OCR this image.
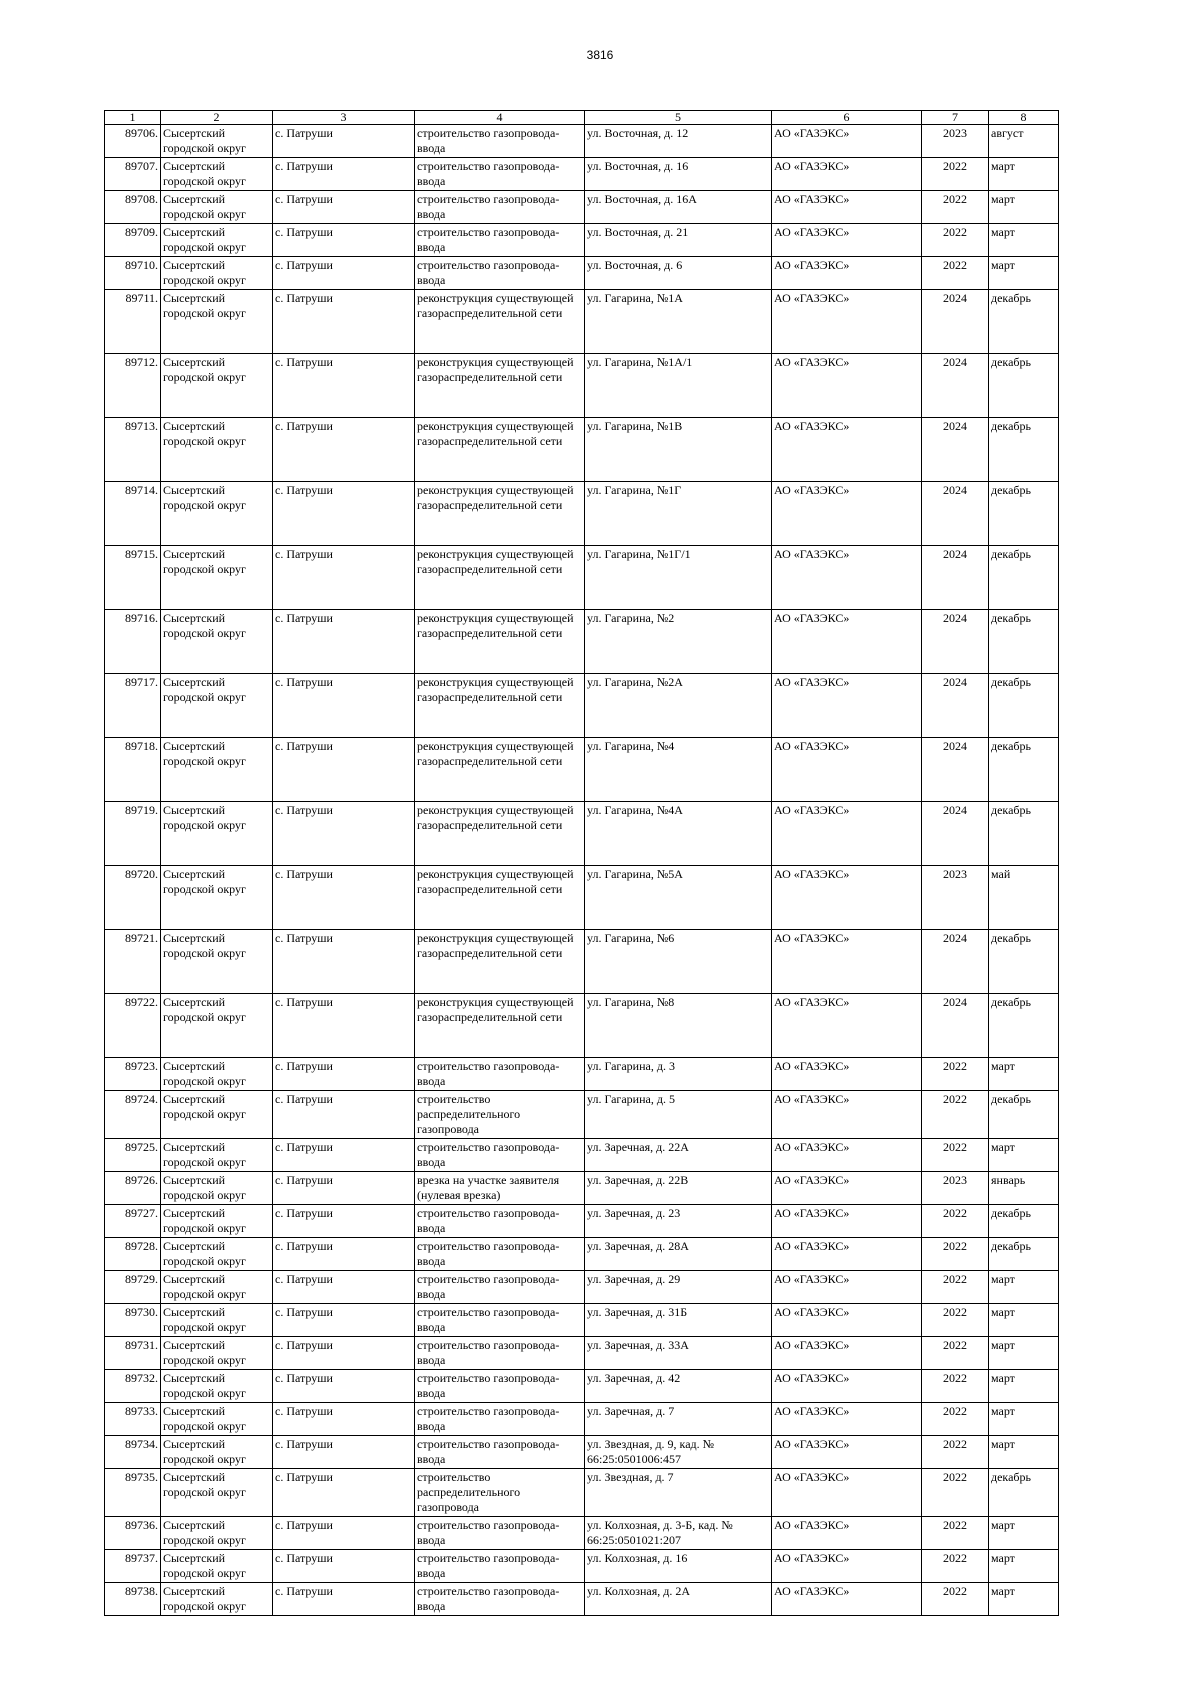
3816
1	2	3	4	5	6	7	8
89706.	Сысертский городской округ	с. Патруши	строительство газопровода-ввода	ул. Восточная, д. 12	АО «ГАЗЭКС»	2023	август
89707.	Сысертский городской округ	с. Патруши	строительство газопровода-ввода	ул. Восточная, д. 16	АО «ГАЗЭКС»	2022	март
89708.	Сысертский городской округ	с. Патруши	строительство газопровода-ввода	ул. Восточная, д. 16А	АО «ГАЗЭКС»	2022	март
89709.	Сысертский городской округ	с. Патруши	строительство газопровода-ввода	ул. Восточная, д. 21	АО «ГАЗЭКС»	2022	март
89710.	Сысертский городской округ	с. Патруши	строительство газопровода-ввода	ул. Восточная, д. 6	АО «ГАЗЭКС»	2022	март
89711.	Сысертский городской округ	с. Патруши	реконструкция существующей газораспределительной сети	ул. Гагарина, №1А	АО «ГАЗЭКС»	2024	декабрь
89712.	Сысертский городской округ	с. Патруши	реконструкция существующей газораспределительной сети	ул. Гагарина, №1А/1	АО «ГАЗЭКС»	2024	декабрь
89713.	Сысертский городской округ	с. Патруши	реконструкция существующей газораспределительной сети	ул. Гагарина, №1В	АО «ГАЗЭКС»	2024	декабрь
89714.	Сысертский городской округ	с. Патруши	реконструкция существующей газораспределительной сети	ул. Гагарина, №1Г	АО «ГАЗЭКС»	2024	декабрь
89715.	Сысертский городской округ	с. Патруши	реконструкция существующей газораспределительной сети	ул. Гагарина, №1Г/1	АО «ГАЗЭКС»	2024	декабрь
89716.	Сысертский городской округ	с. Патруши	реконструкция существующей газораспределительной сети	ул. Гагарина, №2	АО «ГАЗЭКС»	2024	декабрь
89717.	Сысертский городской округ	с. Патруши	реконструкция существующей газораспределительной сети	ул. Гагарина, №2А	АО «ГАЗЭКС»	2024	декабрь
89718.	Сысертский городской округ	с. Патруши	реконструкция существующей газораспределительной сети	ул. Гагарина, №4	АО «ГАЗЭКС»	2024	декабрь
89719.	Сысертский городской округ	с. Патруши	реконструкция существующей газораспределительной сети	ул. Гагарина, №4А	АО «ГАЗЭКС»	2024	декабрь
89720.	Сысертский городской округ	с. Патруши	реконструкция существующей газораспределительной сети	ул. Гагарина, №5А	АО «ГАЗЭКС»	2023	май
89721.	Сысертский городской округ	с. Патруши	реконструкция существующей газораспределительной сети	ул. Гагарина, №6	АО «ГАЗЭКС»	2024	декабрь
89722.	Сысертский городской округ	с. Патруши	реконструкция существующей газораспределительной сети	ул. Гагарина, №8	АО «ГАЗЭКС»	2024	декабрь
89723.	Сысертский городской округ	с. Патруши	строительство газопровода-ввода	ул. Гагарина, д. 3	АО «ГАЗЭКС»	2022	март
89724.	Сысертский городской округ	с. Патруши	строительство распределительного газопровода	ул. Гагарина, д. 5	АО «ГАЗЭКС»	2022	декабрь
89725.	Сысертский городской округ	с. Патруши	строительство газопровода-ввода	ул. Заречная, д. 22А	АО «ГАЗЭКС»	2022	март
89726.	Сысертский городской округ	с. Патруши	врезка на участке заявителя (нулевая врезка)	ул. Заречная, д. 22В	АО «ГАЗЭКС»	2023	январь
89727.	Сысертский городской округ	с. Патруши	строительство газопровода-ввода	ул. Заречная, д. 23	АО «ГАЗЭКС»	2022	декабрь
89728.	Сысертский городской округ	с. Патруши	строительство газопровода-ввода	ул. Заречная, д. 28А	АО «ГАЗЭКС»	2022	декабрь
89729.	Сысертский городской округ	с. Патруши	строительство газопровода-ввода	ул. Заречная, д. 29	АО «ГАЗЭКС»	2022	март
89730.	Сысертский городской округ	с. Патруши	строительство газопровода-ввода	ул. Заречная, д. 31Б	АО «ГАЗЭКС»	2022	март
89731.	Сысертский городской округ	с. Патруши	строительство газопровода-ввода	ул. Заречная, д. 33А	АО «ГАЗЭКС»	2022	март
89732.	Сысертский городской округ	с. Патруши	строительство газопровода-ввода	ул. Заречная, д. 42	АО «ГАЗЭКС»	2022	март
89733.	Сысертский городской округ	с. Патруши	строительство газопровода-ввода	ул. Заречная, д. 7	АО «ГАЗЭКС»	2022	март
89734.	Сысертский городской округ	с. Патруши	строительство газопровода-ввода	ул. Звездная, д. 9, кад. № 66:25:0501006:457	АО «ГАЗЭКС»	2022	март
89735.	Сысертский городской округ	с. Патруши	строительство распределительного газопровода	ул. Звездная, д. 7	АО «ГАЗЭКС»	2022	декабрь
89736.	Сысертский городской округ	с. Патруши	строительство газопровода-ввода	ул. Колхозная, д. 3-Б, кад. № 66:25:0501021:207	АО «ГАЗЭКС»	2022	март
89737.	Сысертский городской округ	с. Патруши	строительство газопровода-ввода	ул. Колхозная, д. 16	АО «ГАЗЭКС»	2022	март
89738.	Сысертский городской округ	с. Патруши	строительство газопровода-ввода	ул. Колхозная, д. 2А	АО «ГАЗЭКС»	2022	март
